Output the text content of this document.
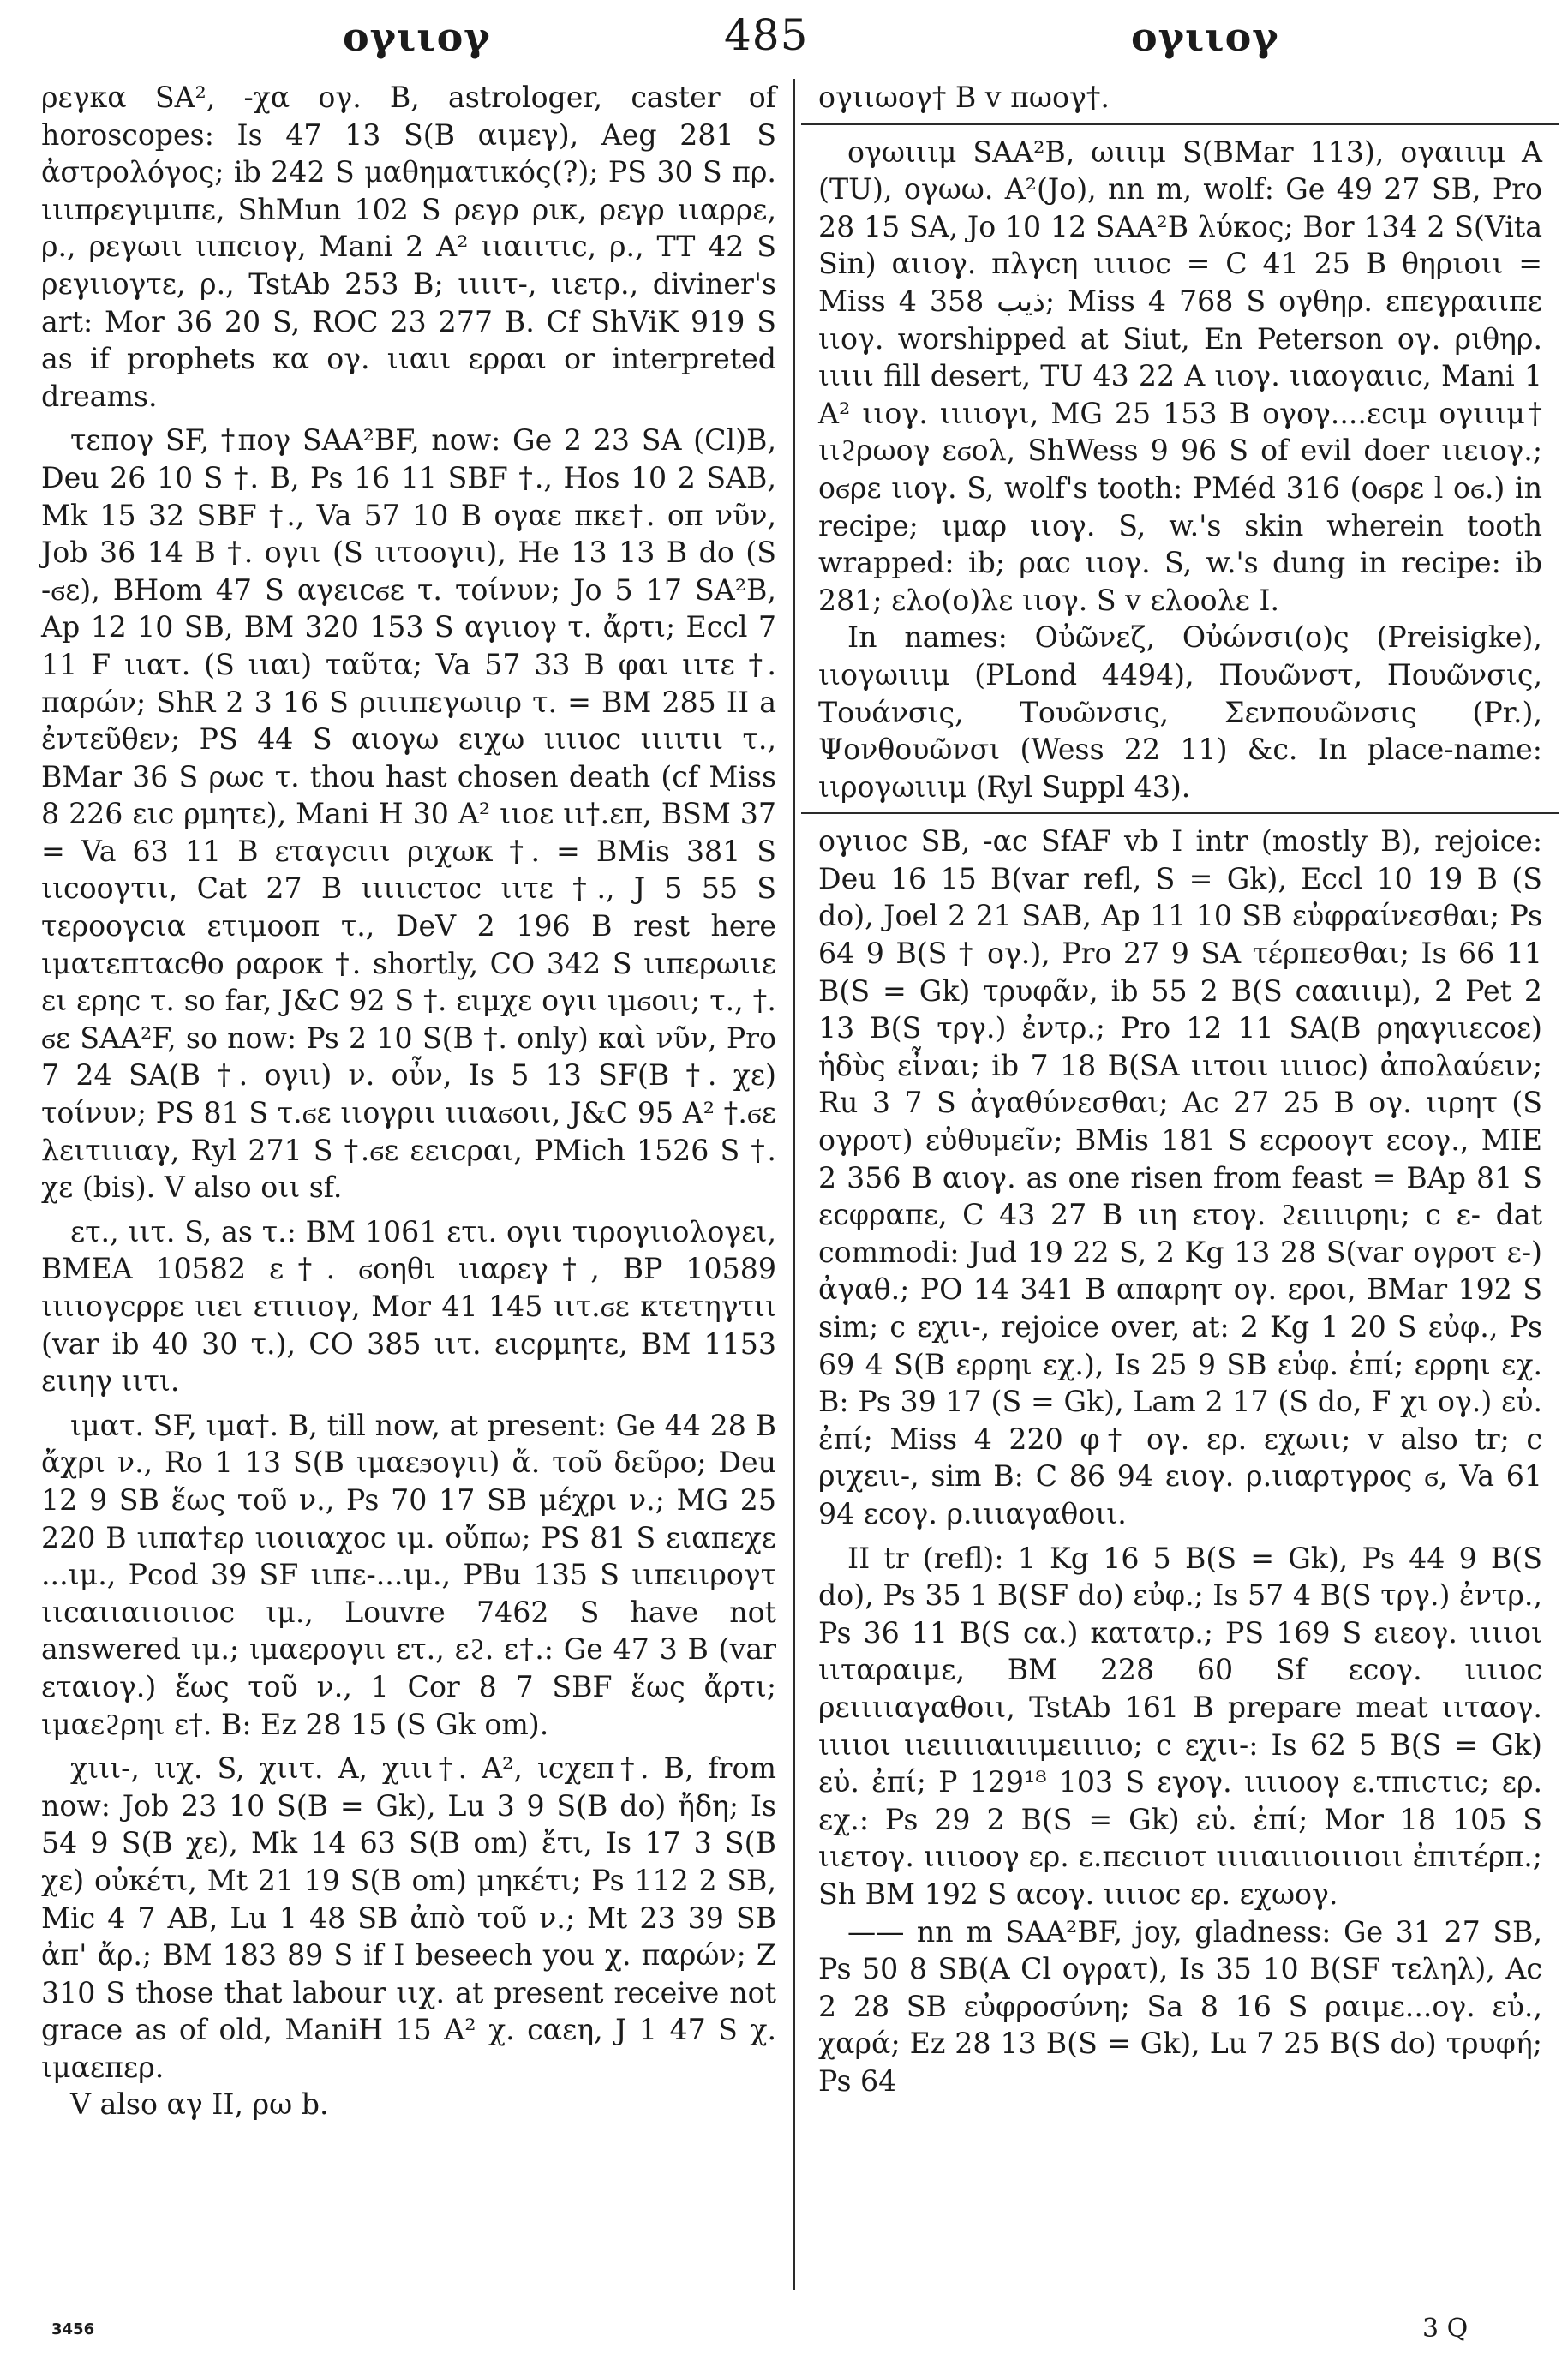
ογιιογ	485	ογιιογ

ρεγκα SA², -χα ογ. B, astrologer, caster of horoscopes: Is 47 13 S(B αιμεγ), Aeg 281 S ἀστρολόγος; ib 242 S μαθηματικός(?); PS 30 S πρ. ιιιπρεγιμιπε, ShMun 102 S ρεγρ ρικ, ρεγρ ιιαρρε, ρ., ρεγωιι ιιπcιογ, Mani 2 A² ιιαιιτιc, ρ., TT 42 S ρεγιιογτε, ρ., TstAb 253 B; ιιιιτ-, ιιετρ., diviner's art: Mor 36 20 S, ROC 23 277 B. Cf ShViK 919 S as if prophets κα ογ. ιιαιι ερραι or interpreted dreams.

τεπογ SF, †πογ SAA²BF, now: Ge 2 23 SA (Cl)B, Deu 26 10 S †. B, Ps 16 11 SBF †., Hos 10 2 SAB, Mk 15 32 SBF †., Va 57 10 B ογαε πκε†. οπ νῦν, Job 36 14 B †. ογιι (S ιιτοογιι), He 13 13 B do (S -ϭε), BHom 47 S αγειcϭε τ. τοίνυν; Jo 5 17 SA²B, Ap 12 10 SB, BM 320 153 S αγιιογ τ. ἄρτι; Eccl 7 11 F ιιατ. (S ιιαι) ταῦτα; Va 57 33 B φαι ιιτε †. παρών; ShR 2 3 16 S ριιιπεγωιιρ τ. = BM 285 II a ἐντεῦθεν; PS 44 S αιογω ειχω ιιιιοc ιιιιτιι τ., BMar 36 S ρωc τ. thou hast chosen death (cf Miss 8 226 ειc ρμητε), Mani H 30 A² ιιοε ιι†.επ, BSM 37 = Va 63 11 B εταγcιιι ριχωκ †. = BMis 381 S ιιcοογτιι, Cat 27 B ιιιιιcτοc ιιτε †., J 5 55 S τεροογcια ετιμοοπ τ., DeV 2 196 B rest here ιματεπταcθο ραροκ †. shortly, CO 342 S ιιπερωιιε ει ερηc τ. so far, J&C 92 S †. ειμχε ογιι ιμϭοιι; τ., †. ϭε SAA²F, so now: Ps 2 10 S(B †. only) καὶ νῦν, Pro 7 24 SA(B †. ογιι) ν. οὖν, Is 5 13 SF(B †. χε) τοίνυν; PS 81 S τ.ϭε ιιογριι ιιιαϭοιι, J&C 95 A² †.ϭε λειτιιιαγ, Ryl 271 S †.ϭε εειcραι, PMich 1526 S †. χε (bis). V also οιι sf.

ετ., ιιτ. S, as τ.: BM 1061 ετι. ογιι τιρογιιολογει, BMEA 10582 ε†. ϭοηθι ιιαρεγ†, BP 10589 ιιιιογcρρε ιιει ετιιιογ, Mor 41 145 ιιτ.ϭε κτετηγτιι (var ib 40 30 τ.), CO 385 ιιτ. ειcρμητε, BM 1153 ειιηγ ιιτι.

ιματ. SF, ιμα†. B, till now, at present: Ge 44 28 B ἄχρι ν., Ro 1 13 S(B ιμαεϧογιι) ἄ. τοῦ δεῦρο; Deu 12 9 SB ἕως τοῦ ν., Ps 70 17 SB μέχρι ν.; MG 25 220 B ιιπα†ερ ιιοιιαχοc ιμ. οὔπω; PS 81 S ειαπεχε ...ιμ., Pcod 39 SF ιιπε-...ιμ., PBu 135 S ιιπειιρογτ ιιcαιιαιιοιιοc ιμ., Louvre 7462 S have not answered ιμ.; ιμαερογιι ετ., εϩ. ε†.: Ge 47 3 B (var εταιογ.) ἕως τοῦ ν., 1 Cor 8 7 SBF ἕως ἄρτι; ιμαεϩρηι ε†. B: Ez 28 15 (S Gk om).

χιιι-, ιιχ. S, χιιτ. A, χιιι†. A², ιcχεπ†. B, from now: Job 23 10 S(B = Gk), Lu 3 9 S(B do) ἤδη; Is 54 9 S(B χε), Mk 14 63 S(B om) ἔτι, Is 17 3 S(B χε) οὐκέτι, Mt 21 19 S(B om) μηκέτι; Ps 112 2 SB, Mic 4 7 AB, Lu 1 48 SB ἀπὸ τοῦ ν.; Mt 23 39 SB ἀπ' ἄρ.; BM 183 89 S if I beseech you χ. παρών; Z 310 S those that labour ιιχ. at present receive not grace as of old, ManiH 15 A² χ. cαεη, J 1 47 S χ. ιμαεπερ.

V also αγ II, ρω b.

ογιιωογ† B v πωογ†.

ογωιιιμ SAA²B, ωιιιμ S(BMar 113), ογαιιιμ A (TU), ογωω. A²(Jo), nn m, wolf: Ge 49 27 SB, Pro 28 15 SA, Jo 10 12 SAA²B λύκος; Bor 134 2 S(Vita Sin) αιιογ. πλγcη ιιιιοc = C 41 25 B θηριοιι = Miss 4 358 ذيب; Miss 4 768 S ογθηρ. επεγραιιπε ιιογ. worshipped at Siut, En Peterson ογ. ριθηρ. ιιιιι fill desert, TU 43 22 A ιιογ. ιιαογαιιc, Mani 1 A² ιιογ. ιιιιογι, MG 25 153 B ογογ....εcιμ ογιιιμ† ιιϩρωογ εϭολ, ShWess 9 96 S of evil doer ιιειογ.; οϭρε ιιογ. S, wolf's tooth: PMéd 316 (οϭρε l οϭ.) in recipe; ιμαρ ιιογ. S, w.'s skin wherein tooth wrapped: ib; ραc ιιογ. S, w.'s dung in recipe: ib 281; ελο(ο)λε ιιογ. S v ελοολε I.

In names: Οὐῶνεζ, Οὐώνσι(ο)ς (Preisigke), ιιογωιιιμ (PLond 4494), Πουῶνστ, Πουῶνσις, Τουάνσις, Τουῶνσις, Σενπουῶνσις (Pr.), Ψονθουῶνσι (Wess 22 11) &c. In place-name: ιιρογωιιιμ (Ryl Suppl 43).

ογιιοc SB, -αc SfAF vb I intr (mostly B), rejoice: Deu 16 15 B(var refl, S = Gk), Eccl 10 19 B (S do), Joel 2 21 SAB, Ap 11 10 SB εὐφραίνεσθαι; Ps 64 9 B(S † ογ.), Pro 27 9 SA τέρπεσθαι; Is 66 11 B(S = Gk) τρυφᾶν, ib 55 2 B(S cααιιιμ), 2 Pet 2 13 B(S τργ.) ἐντρ.; Pro 12 11 SA(B ρηαγιιεcοε) ἡδὺς εἶναι; ib 7 18 B(SA ιιτοιι ιιιιοc) ἀπολαύειν; Ru 3 7 S ἀγαθύνεσθαι; Ac 27 25 B ογ. ιιρητ (S ογροτ) εὐθυμεῖν; BMis 181 S εcροογτ εcογ., MIE 2 356 B αιογ. as one risen from feast = BAp 81 S εcφραπε, C 43 27 B ιιη ετογ. ϩειιιιρηι; c ε- dat commodi: Jud 19 22 S, 2 Kg 13 28 S(var ογροτ ε-) ἀγαθ.; PO 14 341 B απαρητ ογ. εροι, BMar 192 S sim; c εχιι-, rejoice over, at: 2 Kg 1 20 S εὐφ., Ps 69 4 S(B ερρηι εχ.), Is 25 9 SB εὐφ. ἐπί; ερρηι εχ. B: Ps 39 17 (S = Gk), Lam 2 17 (S do, F χι ογ.) εὐ. ἐπί; Miss 4 220 φ† ογ. ερ. εχωιι; v also tr; c ριχειι-, sim B: C 86 94 ειογ. ρ.ιιαρτγρος ϭ, Va 61 94 εcογ. ρ.ιιιαγαθοιι.

II tr (refl): 1 Kg 16 5 B(S = Gk), Ps 44 9 B(S do), Ps 35 1 B(SF do) εὐφ.; Is 57 4 B(S τργ.) ἐντρ., Ps 36 11 B(S cα.) κατατρ.; PS 169 S ειεογ. ιιιιοι ιιταραιμε, BM 228 60 Sf εcογ. ιιιιοc ρειιιιαγαθοιι, TstAb 161 B prepare meat ιιταογ. ιιιιοι ιιειιιιαιιιμειιιιο; c εχιι-: Is 62 5 B(S = Gk) εὐ. ἐπί; P 129¹⁸ 103 S εγογ. ιιιιοογ ε.τπιcτιc; ερ. εχ.: Ps 29 2 B(S = Gk) εὐ. ἐπί; Mor 18 105 S ιιετογ. ιιιιοογ ερ. ε.πεcιιοτ ιιιιαιιιοιιιοιι ἐπιτέρπ.; Sh BM 192 S αcογ. ιιιιοc ερ. εχωογ.

—— nn m SAA²BF, joy, gladness: Ge 31 27 SB, Ps 50 8 SB(A Cl ογρατ), Is 35 10 B(SF τεληλ), Ac 2 28 SB εὐφροσύνη; Sa 8 16 S ραιμε...ογ. εὐ., χαρά; Ez 28 13 B(S = Gk), Lu 7 25 B(S do) τρυφή; Ps 64

3456	3 Q
